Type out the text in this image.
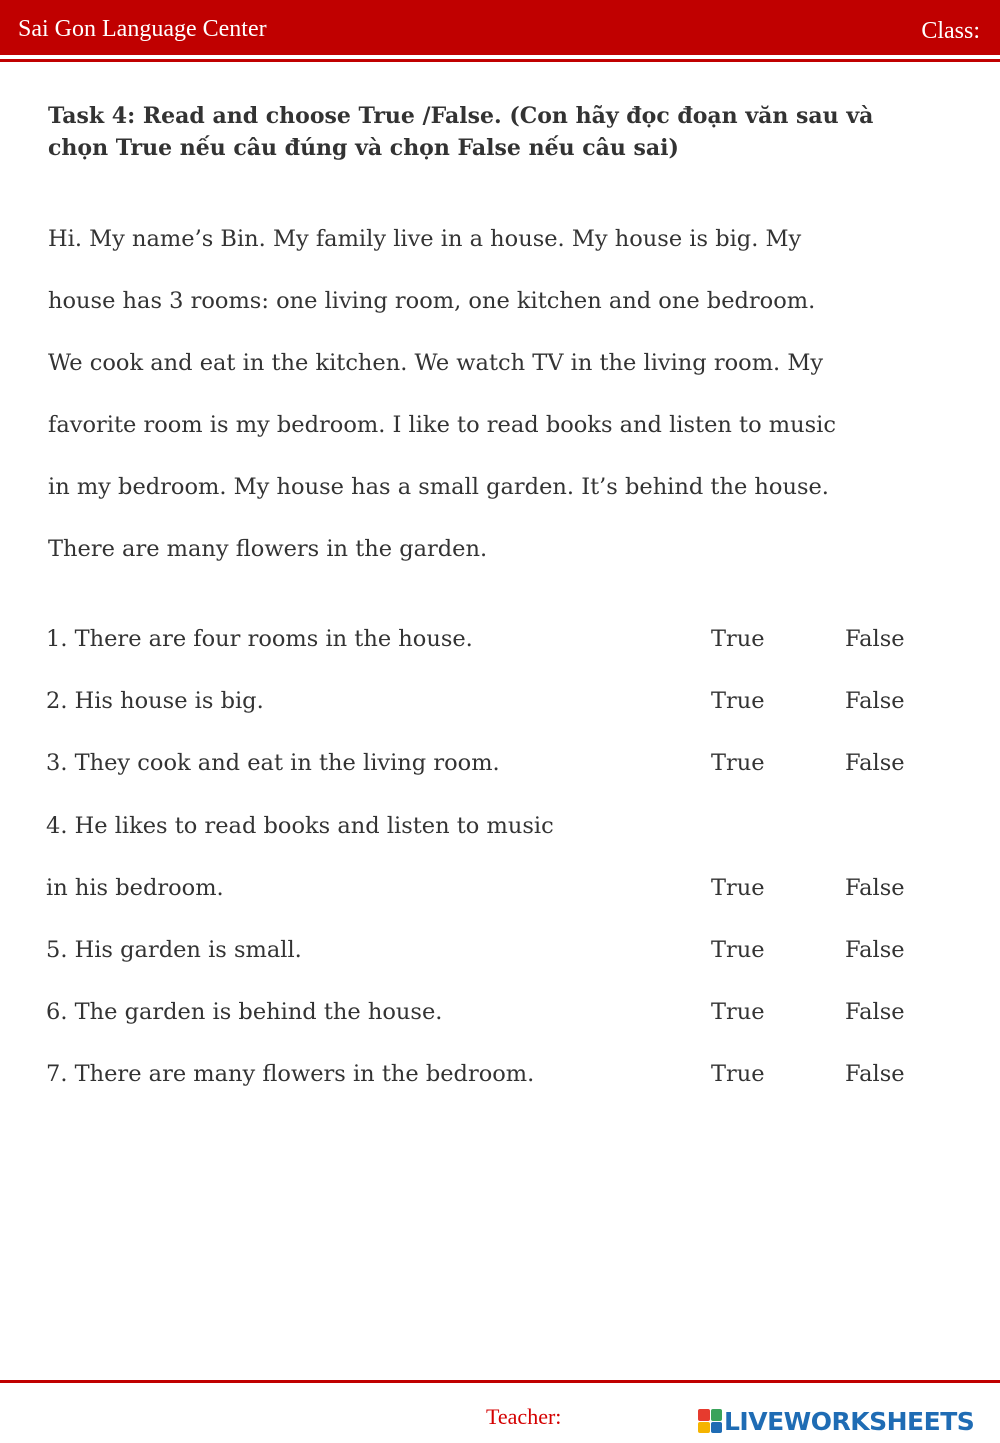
Sai Gon Language Center	Class:
Task 4: Read and choose True /False. (Con hãy đọc đoạn văn sau và chọn True nếu câu đúng và chọn False nếu câu sai)
Hi. My name’s Bin. My family live in a house. My house is big. My
house has 3 rooms: one living room, one kitchen and one bedroom.
We cook and eat in the kitchen. We watch TV in the living room. My
favorite room is my bedroom. I like to read books and listen to music
in my bedroom. My house has a small garden. It’s behind the house.
There are many flowers in the garden.
1. There are four rooms in the house.	True	False
2. His house is big.	True	False
3. They cook and eat in the living room.	True	False
4. He likes to read books and listen to music
in his bedroom.	True	False
5. His garden is small.	True	False
6. The garden is behind the house.	True	False
7. There are many flowers in the bedroom.	True	False
Teacher:	LIVEWORKSHEETS
